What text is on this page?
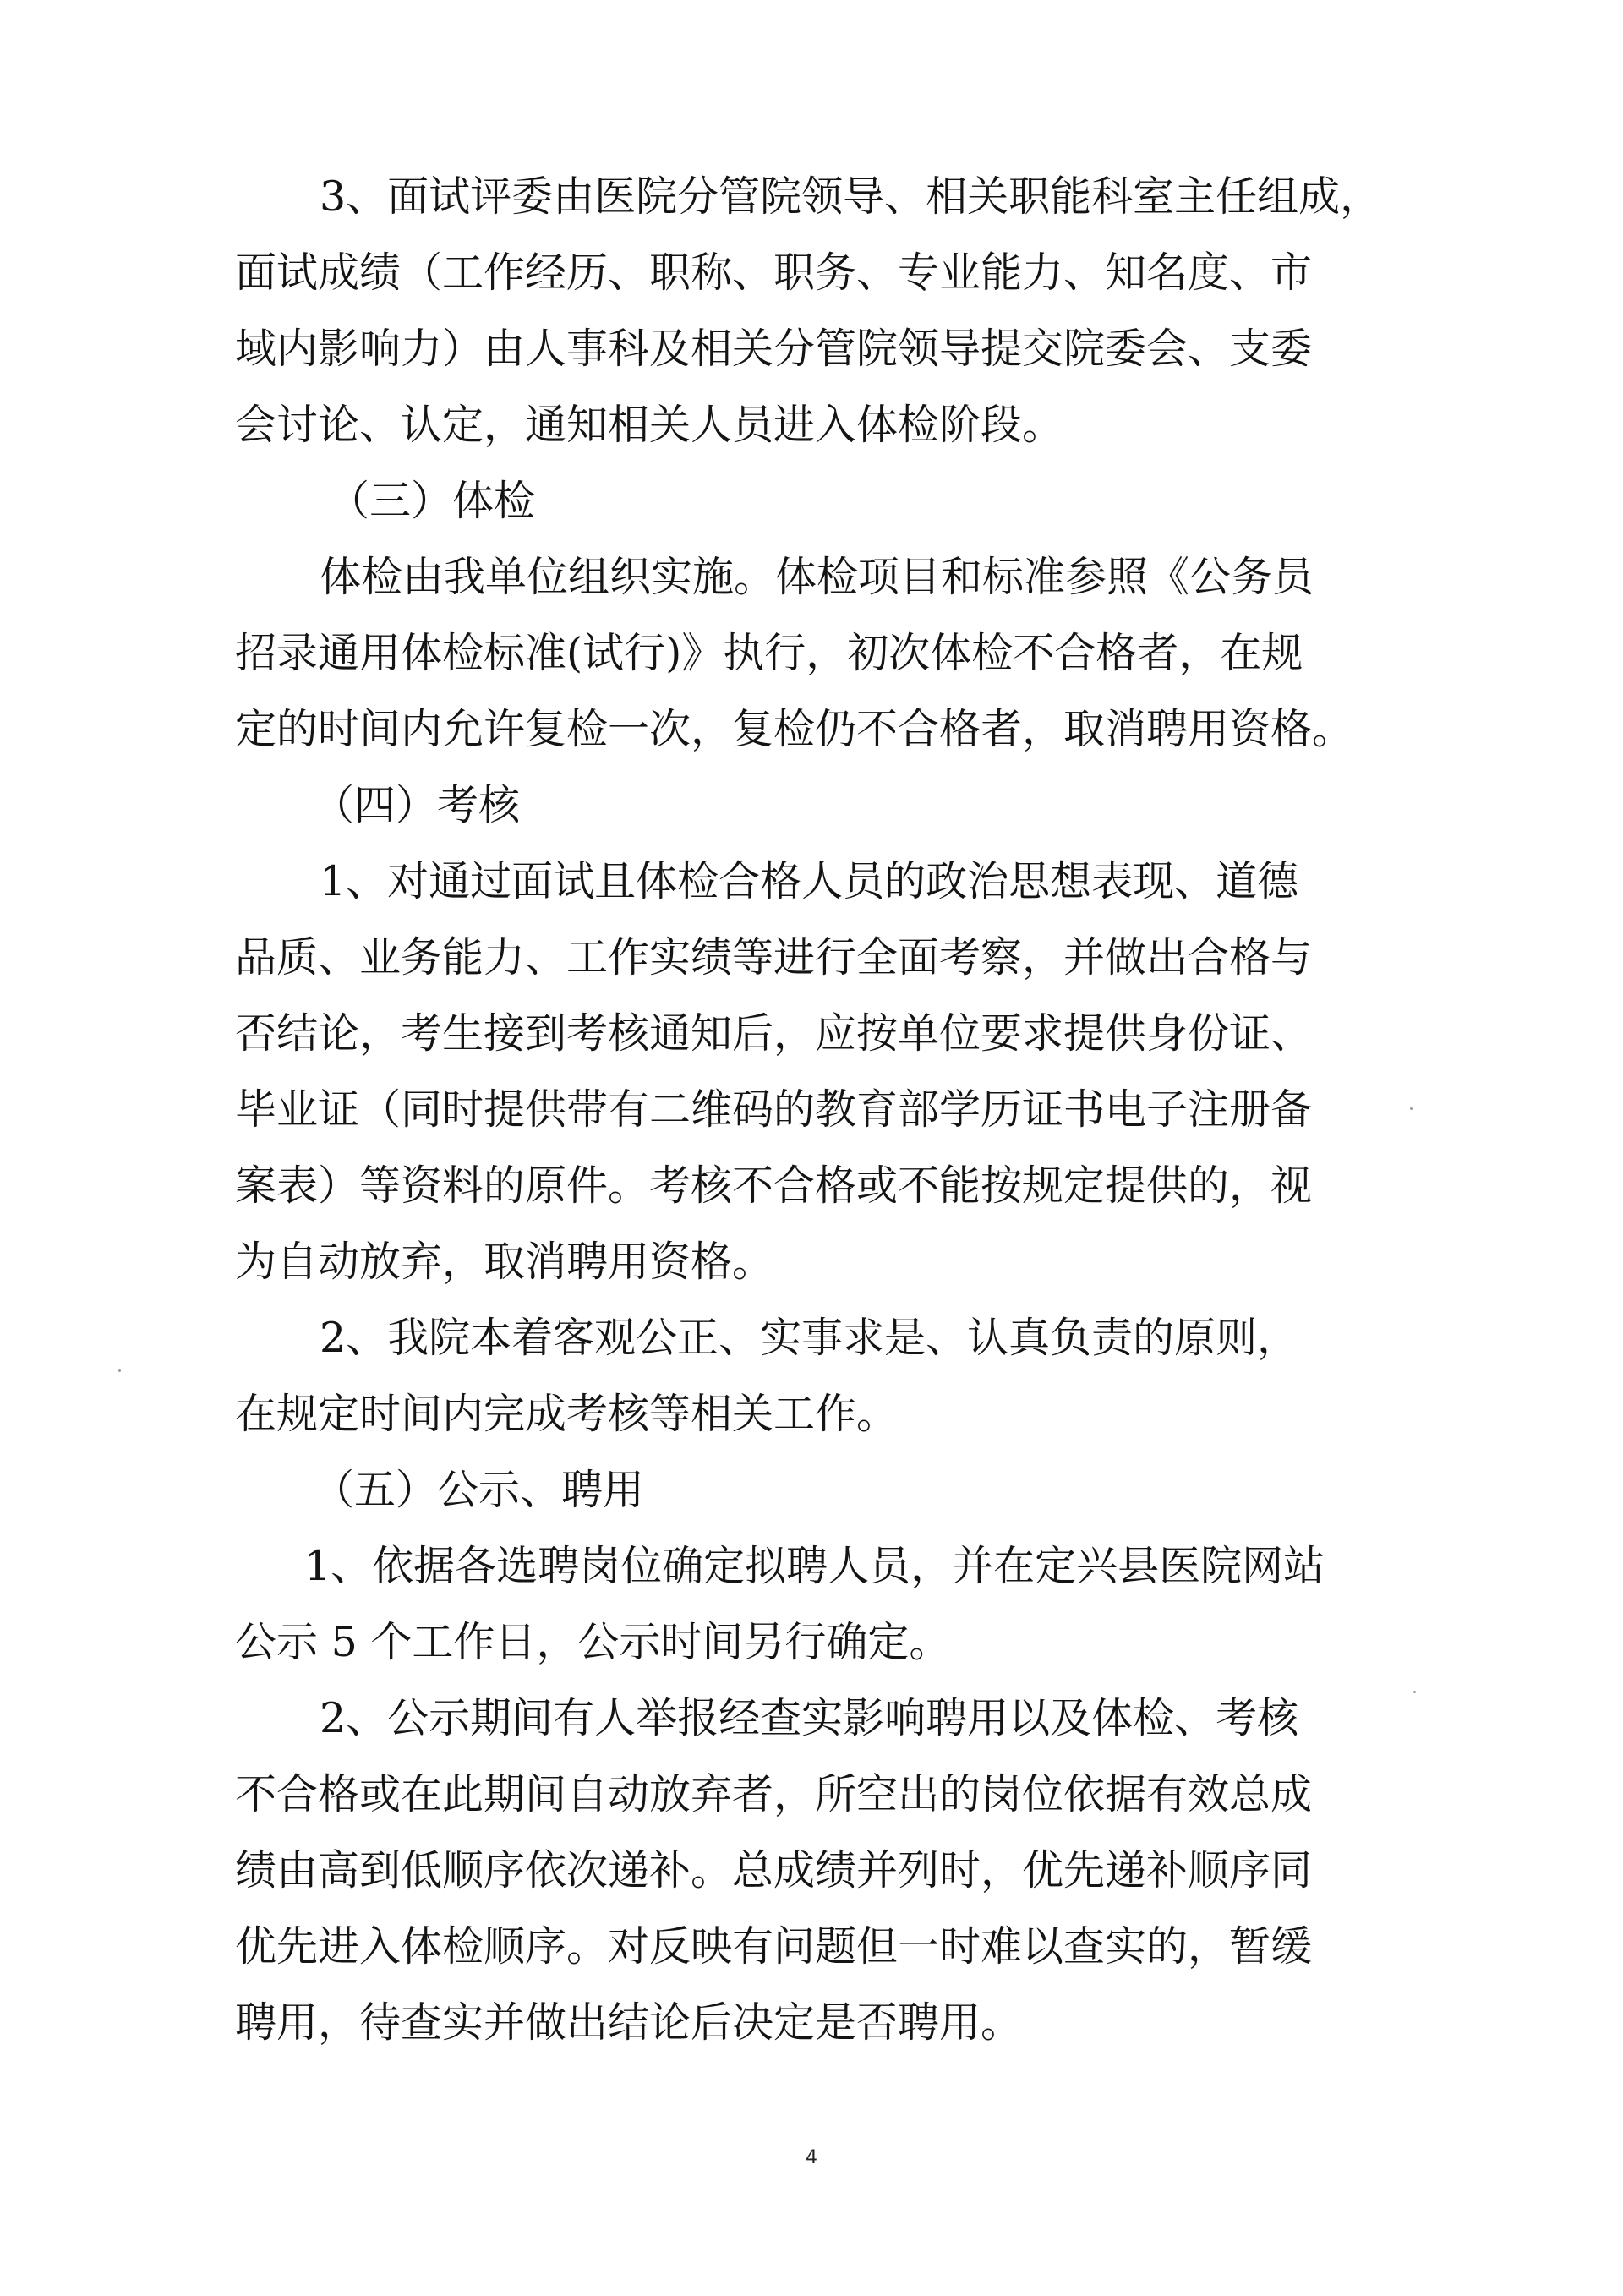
3、面试评委由医院分管院领导、相关职能科室主任组成，
面试成绩（工作经历、职称、职务、专业能力、知名度、市
域内影响力）由人事科及相关分管院领导提交院委会、支委
会讨论、认定，通知相关人员进入体检阶段。
（三）体检
体检由我单位组织实施。体检项目和标准参照《公务员
招录通用体检标准(试行)》执行，初次体检不合格者，在规
定的时间内允许复检一次，复检仍不合格者，取消聘用资格。
（四）考核
1、对通过面试且体检合格人员的政治思想表现、道德
品质、业务能力、工作实绩等进行全面考察，并做出合格与
否结论，考生接到考核通知后，应按单位要求提供身份证、
毕业证（同时提供带有二维码的教育部学历证书电子注册备
案表）等资料的原件。考核不合格或不能按规定提供的，视
为自动放弃，取消聘用资格。
2、我院本着客观公正、实事求是、认真负责的原则，
在规定时间内完成考核等相关工作。
（五）公示、聘用
1、依据各选聘岗位确定拟聘人员，并在定兴县医院网站
公示 5 个工作日，公示时间另行确定。
2、公示期间有人举报经查实影响聘用以及体检、考核
不合格或在此期间自动放弃者，所空出的岗位依据有效总成
绩由高到低顺序依次递补。总成绩并列时，优先递补顺序同
优先进入体检顺序。对反映有问题但一时难以查实的，暂缓
聘用，待查实并做出结论后决定是否聘用。
4
